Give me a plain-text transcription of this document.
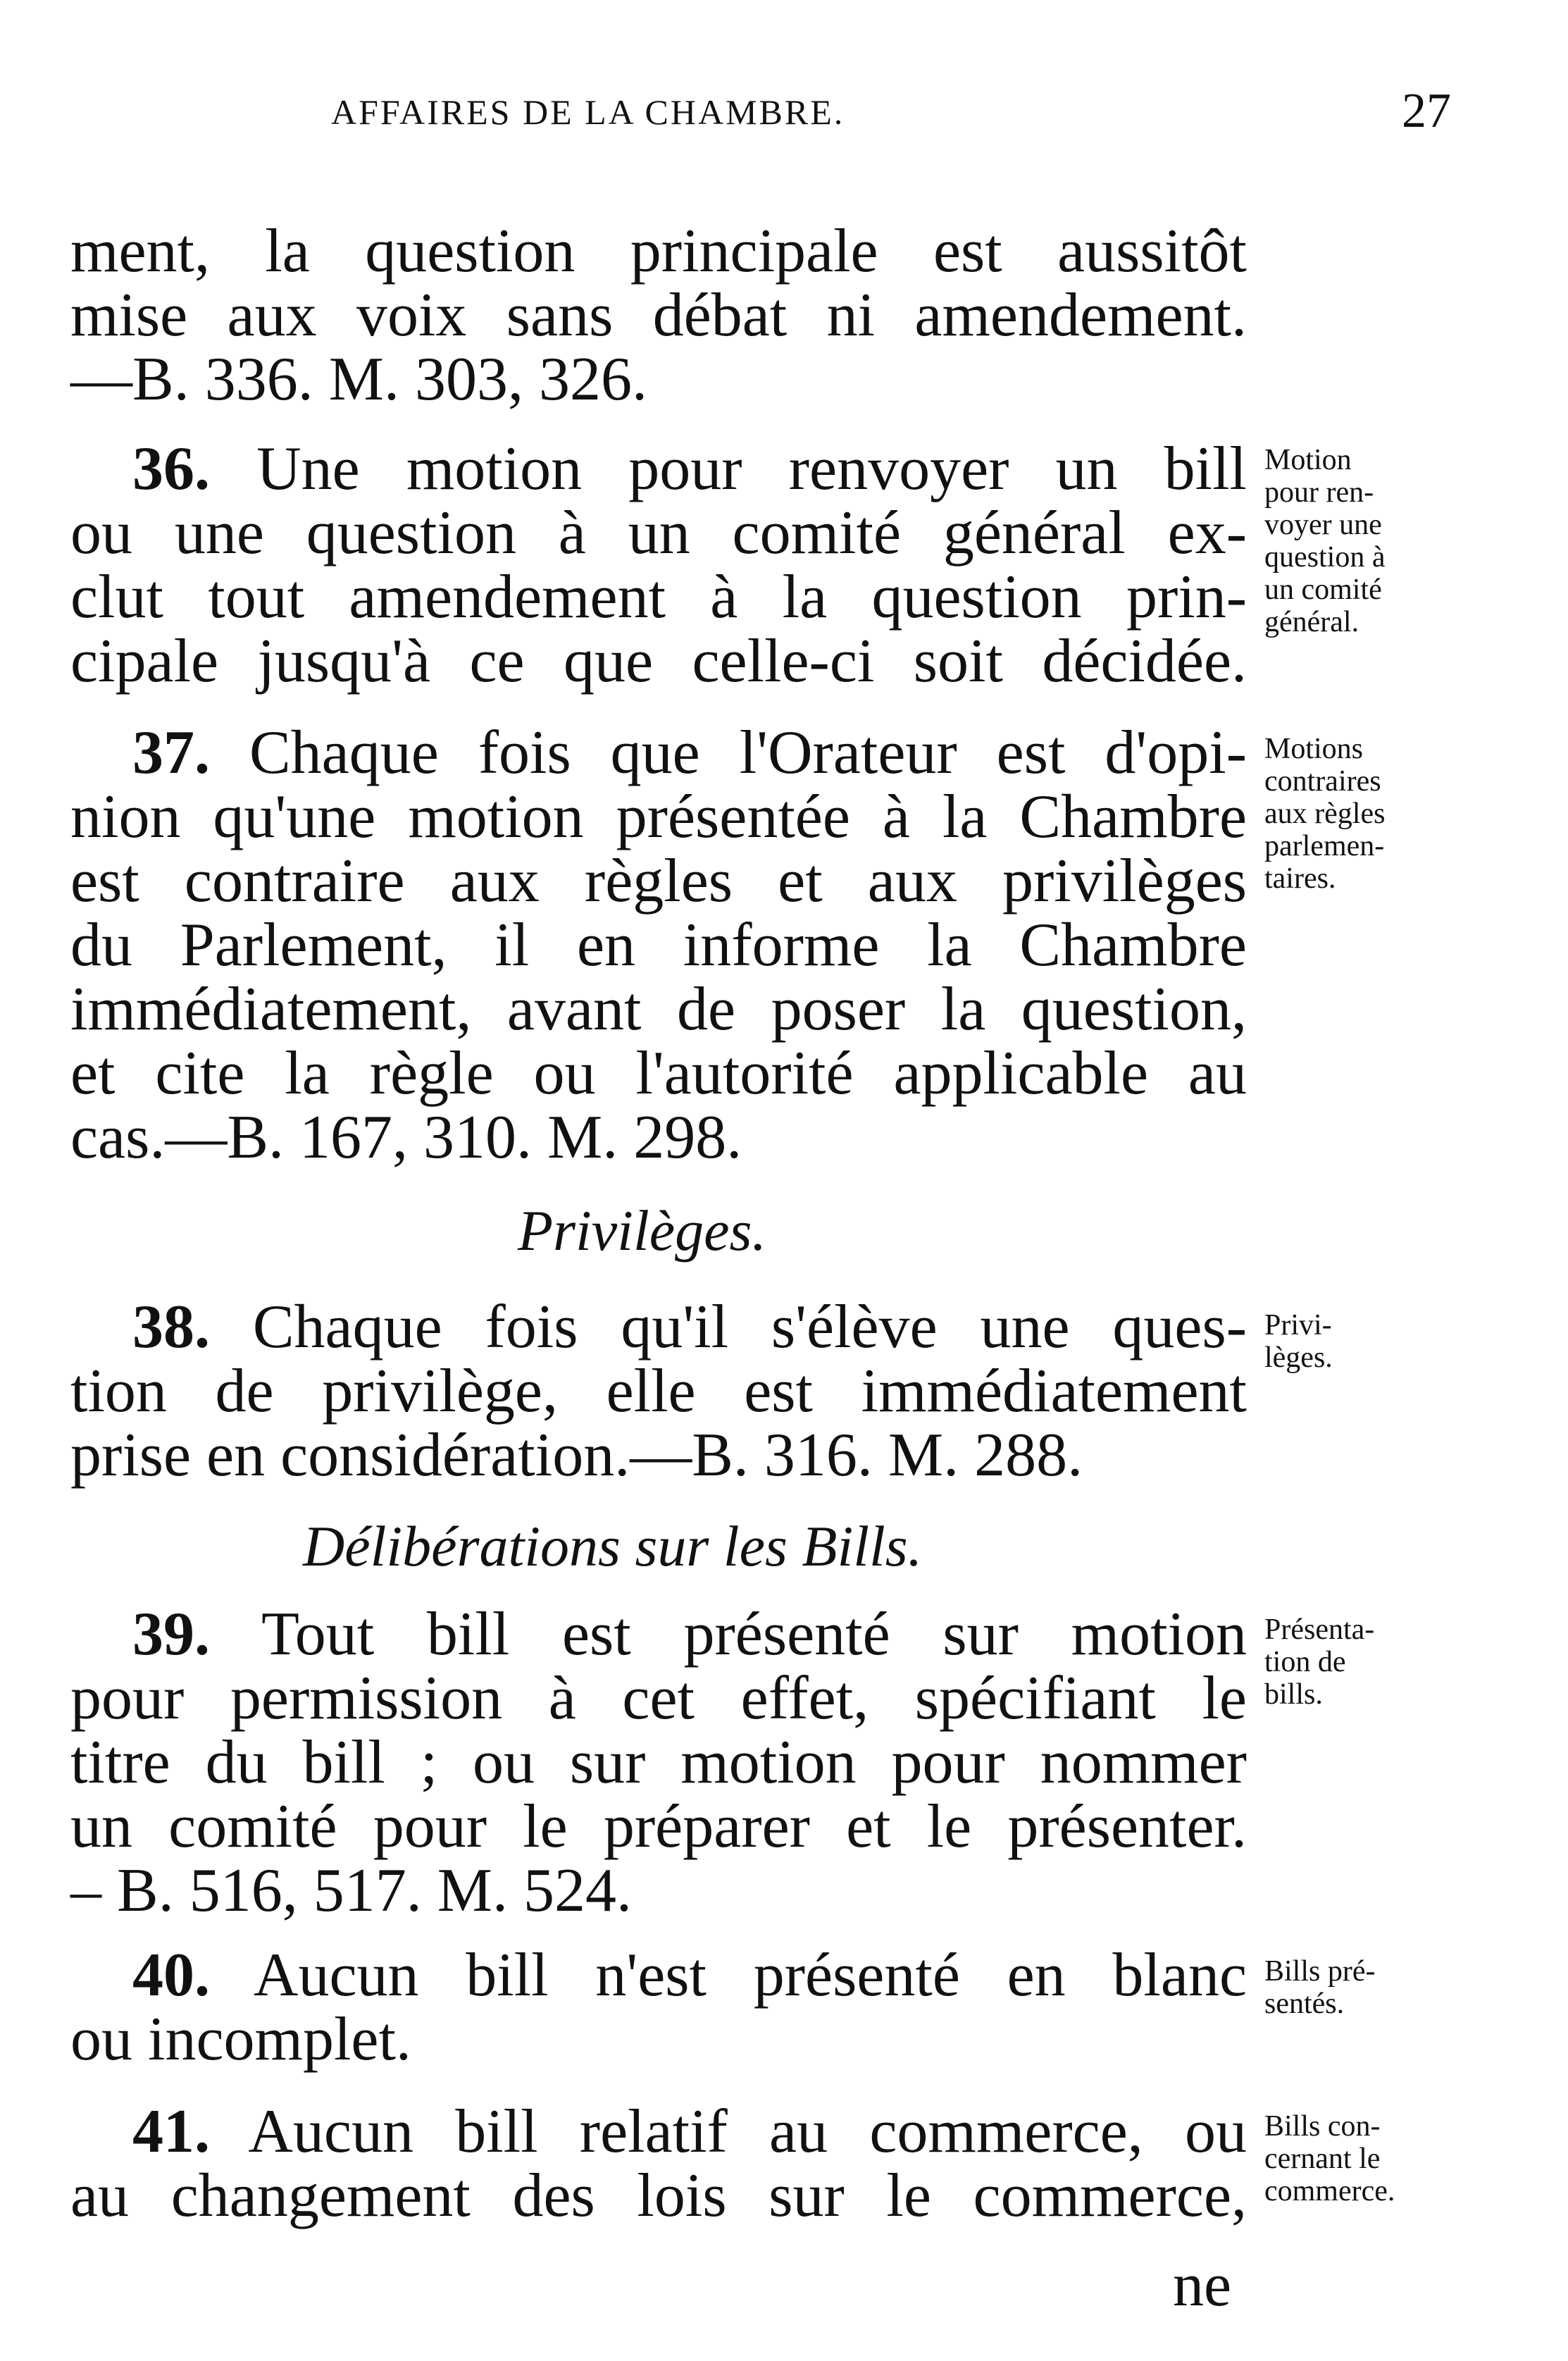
AFFAIRES DE LA CHAMBRE.	27
ment, la question principale est aussitôt
mise aux voix sans débat ni amendement.
—B. 336. M. 303, 326.
36. Une motion pour renvoyer un bill
ou une question à un comité général ex-
clut tout amendement à la question prin-
cipale jusqu'à ce que celle-ci soit décidée.
Motion
pour ren-
voyer une
question à
un comité
général.
37. Chaque fois que l'Orateur est d'opi-
nion qu'une motion présentée à la Chambre
est contraire aux règles et aux privilèges
du Parlement, il en informe la Chambre
immédiatement, avant de poser la question,
et cite la règle ou l'autorité applicable au
cas.—B. 167, 310. M. 298.
Motions
contraires
aux règles
parlemen-
taires.
Privilèges.
38. Chaque fois qu'il s'élève une ques-
tion de privilège, elle est immédiatement
prise en considération.—B. 316. M. 288.
Privi-
lèges.
Délibérations sur les Bills.
39. Tout bill est présenté sur motion
pour permission à cet effet, spécifiant le
titre du bill ; ou sur motion pour nommer
un comité pour le préparer et le présenter.
– B. 516, 517. M. 524.
Présenta-
tion de
bills.
40. Aucun bill n'est présenté en blanc
ou incomplet.
Bills pré-
sentés.
41. Aucun bill relatif au commerce, ou
au changement des lois sur le commerce,
Bills con-
cernant le
commerce.
ne
